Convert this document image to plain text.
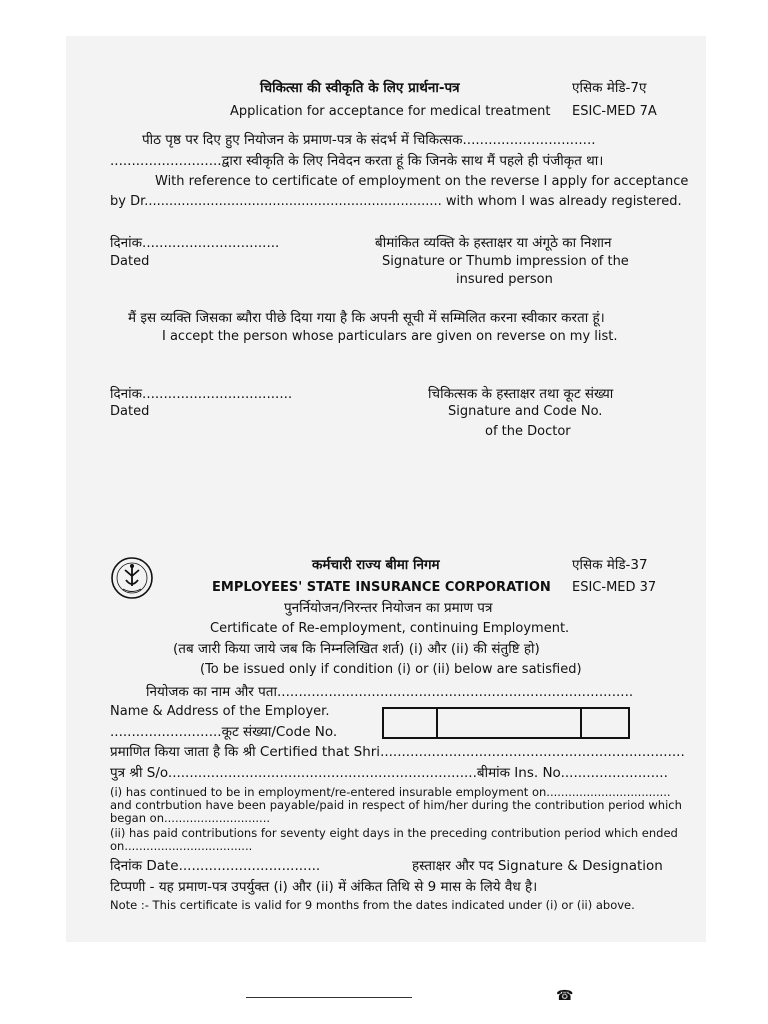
चिकित्सा की स्वीकृति के लिए प्रार्थना-पत्र	एसिक मेडि-7ए
Application for acceptance for medical treatment ESIC-MED 7A
पीठ पृष्ठ पर दिए हुए नियोजन के प्रमाण-पत्र के संदर्भ में चिकित्सक...............................
..........................द्वारा स्वीकृति के लिए निवेदन करता हूं कि जिनके साथ मैं पहले ही पंजीकृत था।
With reference to certificate of employment on the reverse I apply for acceptance
by Dr........................................................................ with whom I was already registered.
दिनांक................................
Dated
बीमांकित व्यक्ति के हस्ताक्षर या अंगूठे का निशान
Signature or Thumb impression of the
insured person
मैं इस व्यक्ति जिसका ब्यौरा पीछे दिया गया है कि अपनी सूची में सम्मिलित करना स्वीकार करता हूं।
I accept the person whose particulars are given on reverse on my list.
दिनांक...................................
Dated
चिकित्सक के हस्ताक्षर तथा कूट संख्या
Signature and Code No.
of the Doctor
कर्मचारी राज्य बीमा निगम	एसिक मेडि-37
EMPLOYEES' STATE INSURANCE CORPORATION ESIC-MED 37
पुनर्नियोजन/निरन्तर नियोजन का प्रमाण पत्र
Certificate of Re-employment, continuing Employment.
(तब जारी किया जाये जब कि निम्नलिखित शर्त) (i) और (ii) की संतुष्टि हो)
(To be issued only if condition (i) or (ii) below are satisfied)
नियोजक का नाम और पता...................................................................................
Name & Address of the Employer.
..........................कूट संख्या/Code No.
प्रमाणित किया जाता है कि श्री Certified that Shri.......................................................................
पुत्र श्री S/o........................................................................बीमांक Ins. No.........................
(i) has continued to be in employment/re-entered insurable employment on..................................
and contrbution have been payable/paid in respect of him/her during the contribution period which
began on.............................
(ii) has paid contributions for seventy eight days in the preceding contribution period which ended
on...................................
दिनांक Date.................................	हस्ताक्षर और पद Signature & Designation
टिप्पणी - यह प्रमाण-पत्र उपर्युक्त (i) और (ii) में अंकित तिथि से 9 मास के लिये वैध है।
Note :- This certificate is valid for 9 months from the dates indicated under (i) or (ii) above.
☎
